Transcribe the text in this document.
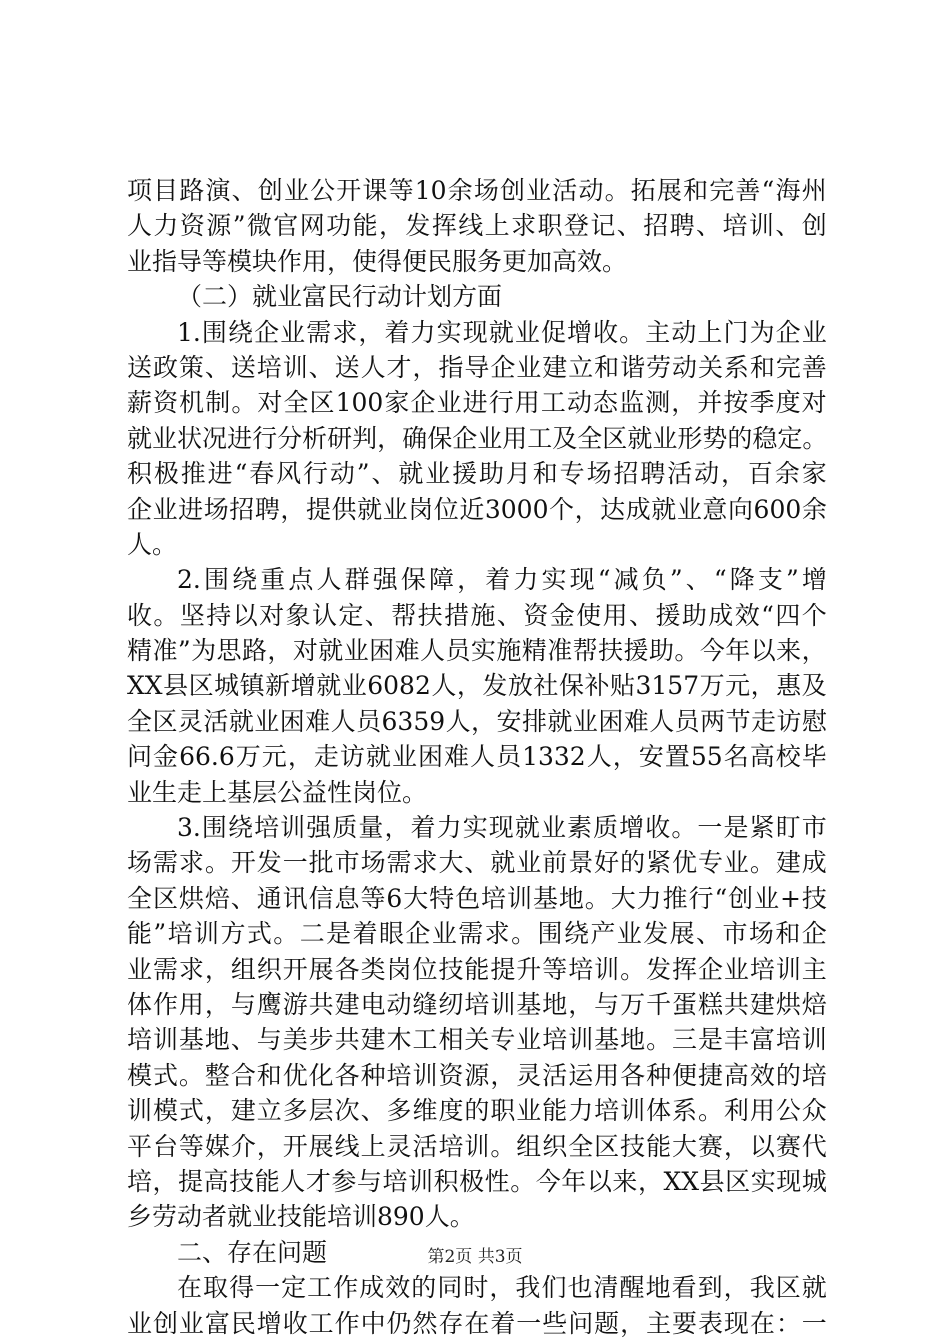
项 目 路 演 、 创 业 公 开 课 等 10 余 场 创 业 活 动 。 拓 展 和 完 善 “ 海 州
人 力 资 源 ” 微 官 网 功 能 ， 发 挥 线 上 求 职 登 记 、 招 聘 、 培 训 、 创
业指导等模块作用，使得便民服务更加高效。
（二）就业富民行动计划方面
1. 围 绕 企 业 需 求 ， 着 力 实 现 就 业 促 增 收 。 主 动 上 门 为 企 业
送 政 策 、 送 培 训 、 送 人 才 ， 指 导 企 业 建 立 和 谐 劳 动 关 系 和 完 善
薪 资 机 制 。 对 全 区 100 家 企 业 进 行 用 工 动 态 监 测 ， 并 按 季 度 对
就 业 状 况 进 行 分 析 研 判 ， 确 保 企 业 用 工 及 全 区 就 业 形 势 的 稳 定 。
积 极 推 进 “ 春 风 行 动 ” 、 就 业 援 助 月 和 专 场 招 聘 活 动 ， 百 余 家
企 业 进 场 招 聘 ， 提 供 就 业 岗 位 近 3000 个 ， 达 成 就 业 意 向 600 余
人。
2. 围 绕 重 点 人 群 强 保 障 ， 着 力 实 现 “ 减 负 ” 、 “ 降 支 ” 增
收 。 坚 持 以 对 象 认 定 、 帮 扶 措 施 、 资 金 使 用 、 援 助 成 效 “ 四 个
精 准 ” 为 思 路 ， 对 就 业 困 难 人 员 实 施 精 准 帮 扶 援 助 。 今 年 以 来 ，
XX 县 区 城 镇 新 增 就 业 6082 人 ， 发 放 社 保 补 贴 3157 万 元 ， 惠 及
全 区 灵 活 就 业 困 难 人 员 6359 人 ， 安 排 就 业 困 难 人 员 两 节 走 访 慰
问 金 66.6 万 元 ， 走 访 就 业 困 难 人 员 1332 人 ， 安 置 55 名 高 校 毕
业生走上基层公益性岗位。
3. 围 绕 培 训 强 质 量 ， 着 力 实 现 就 业 素 质 增 收 。 一 是 紧 盯 市
场 需 求 。 开 发 一 批 市 场 需 求 大 、 就 业 前 景 好 的 紧 优 专 业 。 建 成
全 区 烘 焙 、 通 讯 信 息 等 6 大 特 色 培 训 基 地 。 大 力 推 行 “ 创 业 + 技
能 ” 培 训 方 式 。 二 是 着 眼 企 业 需 求 。 围 绕 产 业 发 展 、 市 场 和 企
业 需 求 ， 组 织 开 展 各 类 岗 位 技 能 提 升 等 培 训 。 发 挥 企 业 培 训 主
体 作 用 ， 与 鹰 游 共 建 电 动 缝 纫 培 训 基 地 ， 与 万 千 蛋 糕 共 建 烘 焙
培 训 基 地 、 与 美 步 共 建 木 工 相 关 专 业 培 训 基 地 。 三 是 丰 富 培 训
模 式 。 整 合 和 优 化 各 种 培 训 资 源 ， 灵 活 运 用 各 种 便 捷 高 效 的 培
训 模 式 ， 建 立 多 层 次 、 多 维 度 的 职 业 能 力 培 训 体 系 。 利 用 公 众
平 台 等 媒 介 ， 开 展 线 上 灵 活 培 训 。 组 织 全 区 技 能 大 赛 ， 以 赛 代
培 ， 提 高 技 能 人 才 参 与 培 训 积 极 性 。 今 年 以 来 ， XX 县 区 实 现 城
乡劳动者就业技能培训890人。
二、存在问题
在 取 得 一 定 工 作 成 效 的 同 时 ， 我 们 也 清 醒 地 看 到 ， 我 区 就
业 创 业 富 民 增 收 工 作 中 仍 然 存 在 着 一 些 问 题 ， 主 要 表 现 在 ： 一
第2页 共3页
